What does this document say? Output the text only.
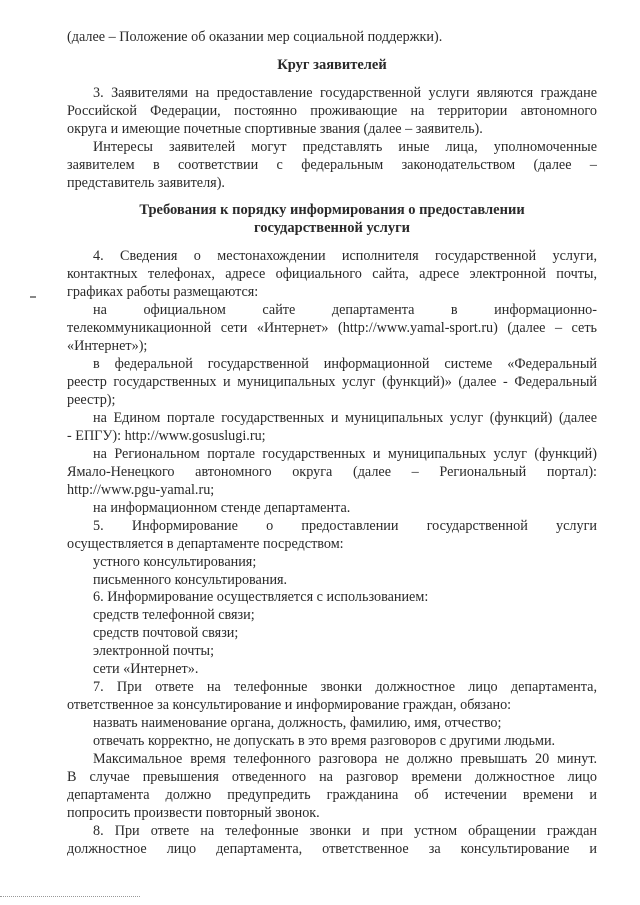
(далее – Положение об оказании мер социальной поддержки).
Круг заявителей
3. Заявителями на предоставление государственной услуги являются граждане
Российской Федерации, постоянно проживающие на территории автономного
округа и имеющие почетные спортивные звания (далее – заявитель).
Интересы заявителей могут представлять иные лица, уполномоченные
заявителем в соответствии с федеральным законодательством (далее –
представитель заявителя).
Требования к порядку информирования о предоставлении
государственной услуги
4. Сведения о местонахождении исполнителя государственной услуги,
контактных телефонах, адресе официального сайта, адресе электронной почты,
графиках работы размещаются:
на официальном сайте департамента в информационно-
телекоммуникационной сети «Интернет» (http://www.yamal-sport.ru) (далее – сеть
«Интернет»);
в федеральной государственной информационной системе «Федеральный
реестр государственных и муниципальных услуг (функций)» (далее - Федеральный
реестр);
на Едином портале государственных и муниципальных услуг (функций) (далее
- ЕПГУ): http://www.gosuslugi.ru;
на Региональном портале государственных и муниципальных услуг (функций)
Ямало-Ненецкого автономного округа (далее – Региональный портал):
http://www.pgu-yamal.ru;
на информационном стенде департамента.
5. Информирование о предоставлении государственной услуги
осуществляется в департаменте посредством:
устного консультирования;
письменного консультирования.
6. Информирование осуществляется с использованием:
средств телефонной связи;
средств почтовой связи;
электронной почты;
сети «Интернет».
7. При ответе на телефонные звонки должностное лицо департамента,
ответственное за консультирование и информирование граждан, обязано:
назвать наименование органа, должность, фамилию, имя, отчество;
отвечать корректно, не допускать в это время разговоров с другими людьми.
Максимальное время телефонного разговора не должно превышать 20 минут.
В случае превышения отведенного на разговор времени должностное лицо
департамента должно предупредить гражданина об истечении времени и
попросить произвести повторный звонок.
8. При ответе на телефонные звонки и при устном обращении граждан
должностное лицо департамента, ответственное за консультирование и
